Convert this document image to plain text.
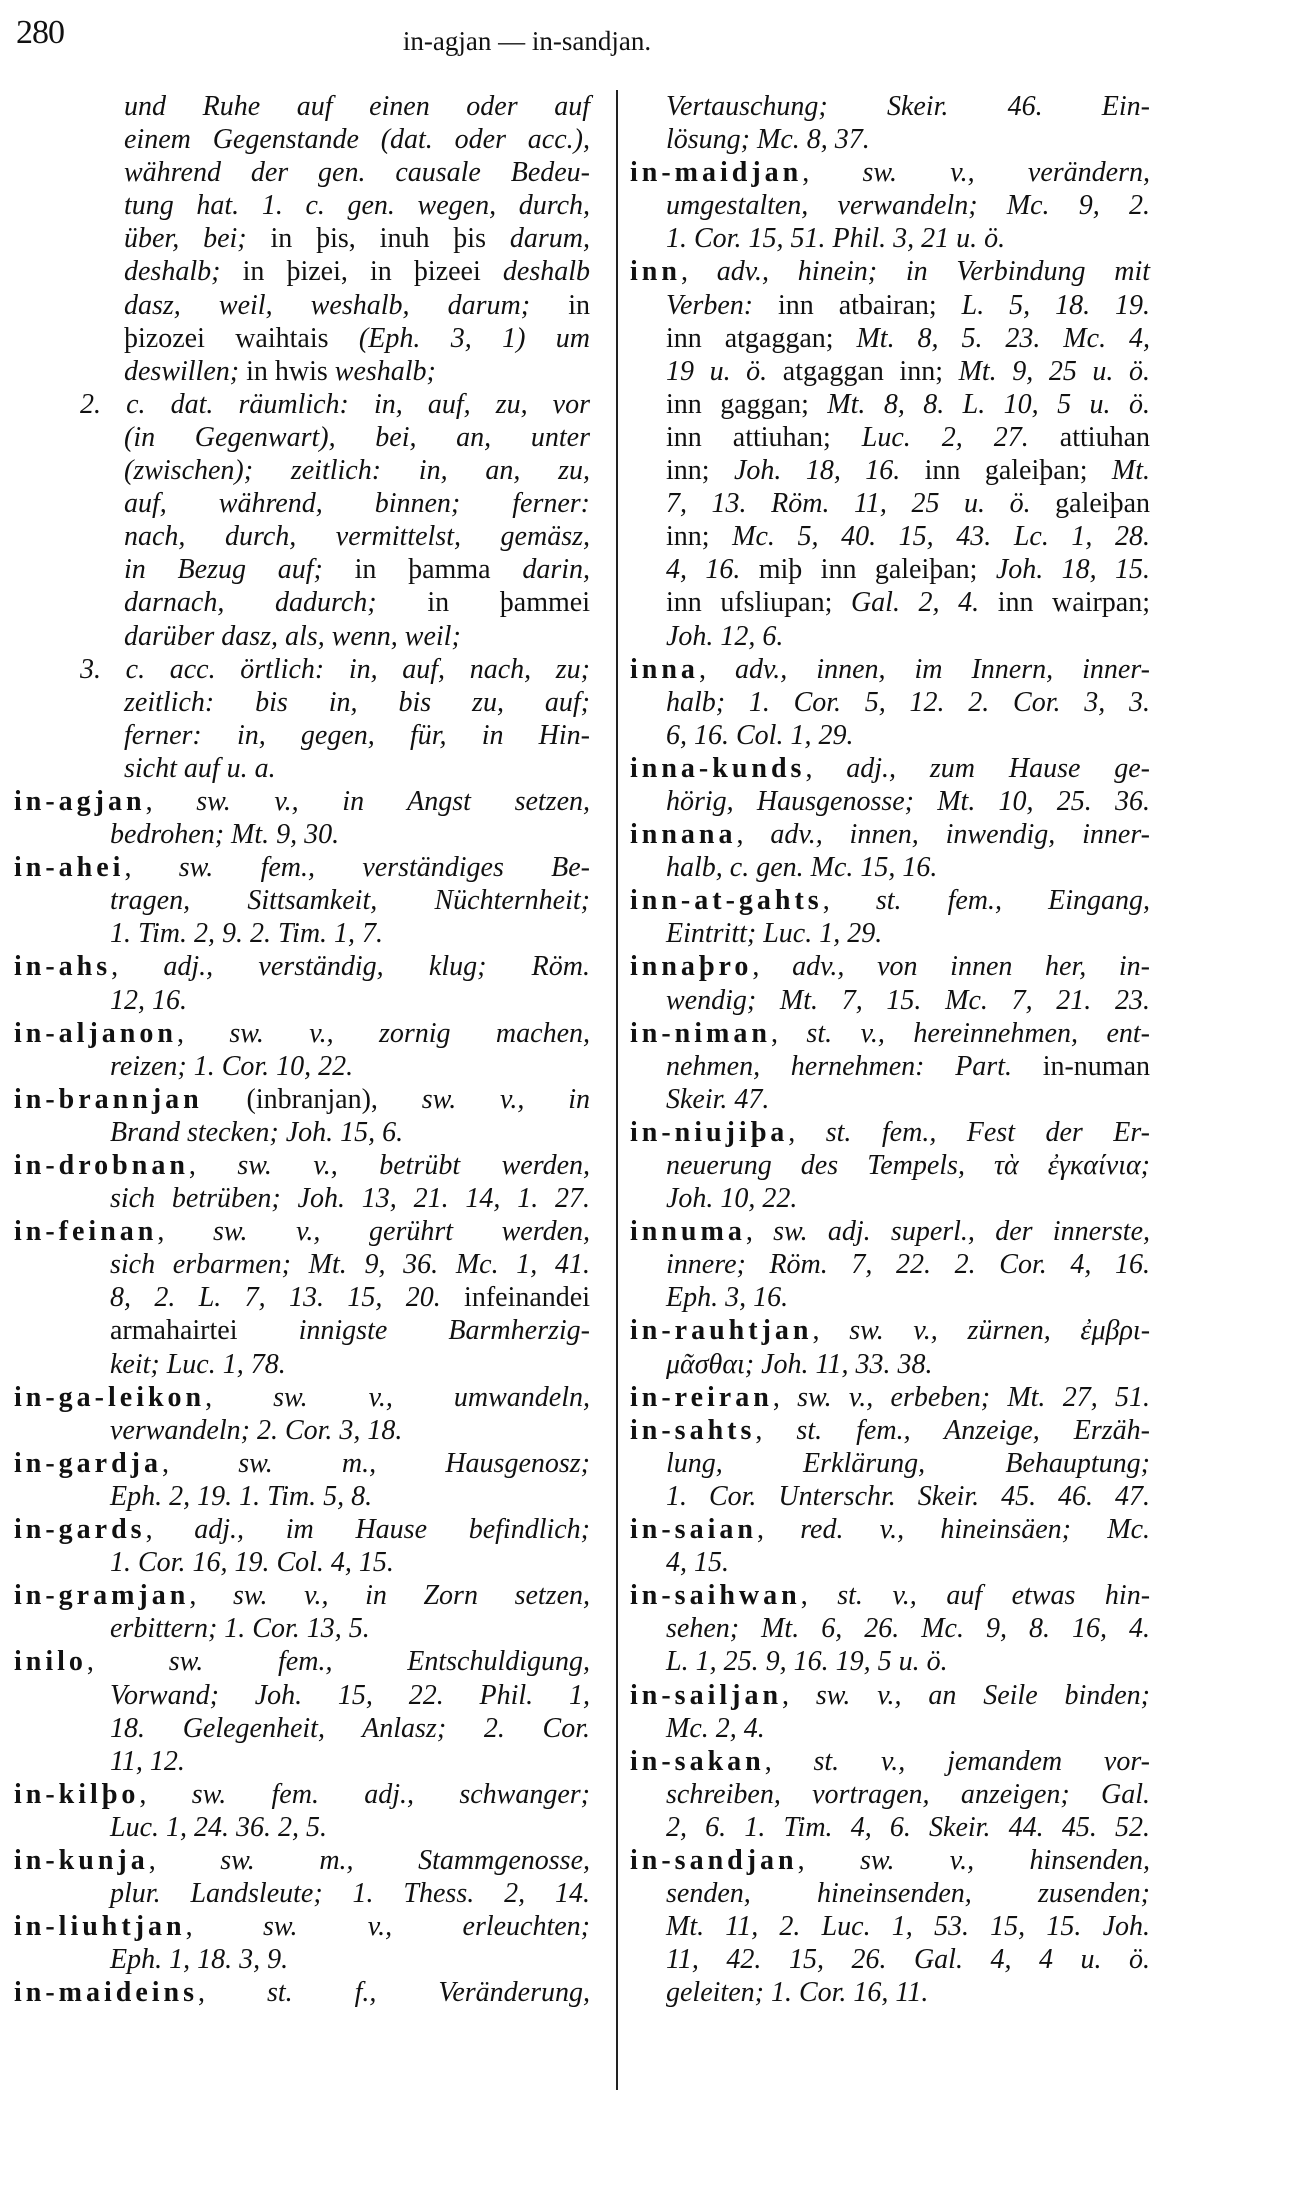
280	in-agjan — in-sandjan.
und Ruhe auf einen oder auf
einem Gegenstande (dat. oder acc.),
während der gen. causale Bedeu-
tung hat. 1. c. gen. wegen, durch,
über, bei; in þis, inuh þis darum,
deshalb; in þizei, in þizeei deshalb
dasz, weil, weshalb, darum; in
þizozei waihtais (Eph. 3, 1) um
deswillen; in hwis weshalb;
2. c. dat. räumlich: in, auf, zu, vor
(in Gegenwart), bei, an, unter
(zwischen); zeitlich: in, an, zu,
auf, während, binnen; ferner:
nach, durch, vermittelst, gemäsz,
in Bezug auf; in þamma darin,
darnach, dadurch; in þammei
darüber dasz, als, wenn, weil;
3. c. acc. örtlich: in, auf, nach, zu;
zeitlich: bis in, bis zu, auf;
ferner: in, gegen, für, in Hin-
sicht auf u. a.
in-agjan, sw. v., in Angst setzen,
bedrohen; Mt. 9, 30.
in-ahei, sw. fem., verständiges Be-
tragen, Sittsamkeit, Nüchternheit;
1. Tim. 2, 9. 2. Tim. 1, 7.
in-ahs, adj., verständig, klug; Röm.
12, 16.
in-aljanon, sw. v., zornig machen,
reizen; 1. Cor. 10, 22.
in-brannjan (inbranjan), sw. v., in
Brand stecken; Joh. 15, 6.
in-drobnan, sw. v., betrübt werden,
sich betrüben; Joh. 13, 21. 14, 1. 27.
in-feinan, sw. v., gerührt werden,
sich erbarmen; Mt. 9, 36. Mc. 1, 41.
8, 2. L. 7, 13. 15, 20. infeinandei
armahairtei innigste Barmherzig-
keit; Luc. 1, 78.
in-ga-leikon, sw. v., umwandeln,
verwandeln; 2. Cor. 3, 18.
in-gardja, sw. m., Hausgenosz;
Eph. 2, 19. 1. Tim. 5, 8.
in-gards, adj., im Hause befindlich;
1. Cor. 16, 19. Col. 4, 15.
in-gramjan, sw. v., in Zorn setzen,
erbittern; 1. Cor. 13, 5.
inilo, sw. fem., Entschuldigung,
Vorwand; Joh. 15, 22. Phil. 1,
18. Gelegenheit, Anlasz; 2. Cor.
11, 12.
in-kilþo, sw. fem. adj., schwanger;
Luc. 1, 24. 36. 2, 5.
in-kunja, sw. m., Stammgenosse,
plur. Landsleute; 1. Thess. 2, 14.
in-liuhtjan, sw. v., erleuchten;
Eph. 1, 18. 3, 9.
in-maideins, st. f., Veränderung,
Vertauschung; Skeir. 46. Ein-
lösung; Mc. 8, 37.
in-maidjan, sw. v., verändern,
umgestalten, verwandeln; Mc. 9, 2.
1. Cor. 15, 51. Phil. 3, 21 u. ö.
inn, adv., hinein; in Verbindung mit
Verben: inn atbairan; L. 5, 18. 19.
inn atgaggan; Mt. 8, 5. 23. Mc. 4,
19 u. ö. atgaggan inn; Mt. 9, 25 u. ö.
inn gaggan; Mt. 8, 8. L. 10, 5 u. ö.
inn attiuhan; Luc. 2, 27. attiuhan
inn; Joh. 18, 16. inn galeiþan; Mt.
7, 13. Röm. 11, 25 u. ö. galeiþan
inn; Mc. 5, 40. 15, 43. Lc. 1, 28.
4, 16. miþ inn galeiþan; Joh. 18, 15.
inn ufsliupan; Gal. 2, 4. inn wairpan;
Joh. 12, 6.
inna, adv., innen, im Innern, inner-
halb; 1. Cor. 5, 12. 2. Cor. 3, 3.
6, 16. Col. 1, 29.
inna-kunds, adj., zum Hause ge-
hörig, Hausgenosse; Mt. 10, 25. 36.
innana, adv., innen, inwendig, inner-
halb, c. gen. Mc. 15, 16.
inn-at-gahts, st. fem., Eingang,
Eintritt; Luc. 1, 29.
innaþro, adv., von innen her, in-
wendig; Mt. 7, 15. Mc. 7, 21. 23.
in-niman, st. v., hereinnehmen, ent-
nehmen, hernehmen: Part. in-numan
Skeir. 47.
in-niujiþa, st. fem., Fest der Er-
neuerung des Tempels, τὰ ἐγκαίνια;
Joh. 10, 22.
innuma, sw. adj. superl., der innerste,
innere; Röm. 7, 22. 2. Cor. 4, 16.
Eph. 3, 16.
in-rauhtjan, sw. v., zürnen, ἐμβρι-
μᾶσθαι; Joh. 11, 33. 38.
in-reiran, sw. v., erbeben; Mt. 27, 51.
in-sahts, st. fem., Anzeige, Erzäh-
lung, Erklärung, Behauptung;
1. Cor. Unterschr. Skeir. 45. 46. 47.
in-saian, red. v., hineinsäen; Mc.
4, 15.
in-saihwan, st. v., auf etwas hin-
sehen; Mt. 6, 26. Mc. 9, 8. 16, 4.
L. 1, 25. 9, 16. 19, 5 u. ö.
in-sailjan, sw. v., an Seile binden;
Mc. 2, 4.
in-sakan, st. v., jemandem vor-
schreiben, vortragen, anzeigen; Gal.
2, 6. 1. Tim. 4, 6. Skeir. 44. 45. 52.
in-sandjan, sw. v., hinsenden,
senden, hineinsenden, zusenden;
Mt. 11, 2. Luc. 1, 53. 15, 15. Joh.
11, 42. 15, 26. Gal. 4, 4 u. ö.
geleiten; 1. Cor. 16, 11.
